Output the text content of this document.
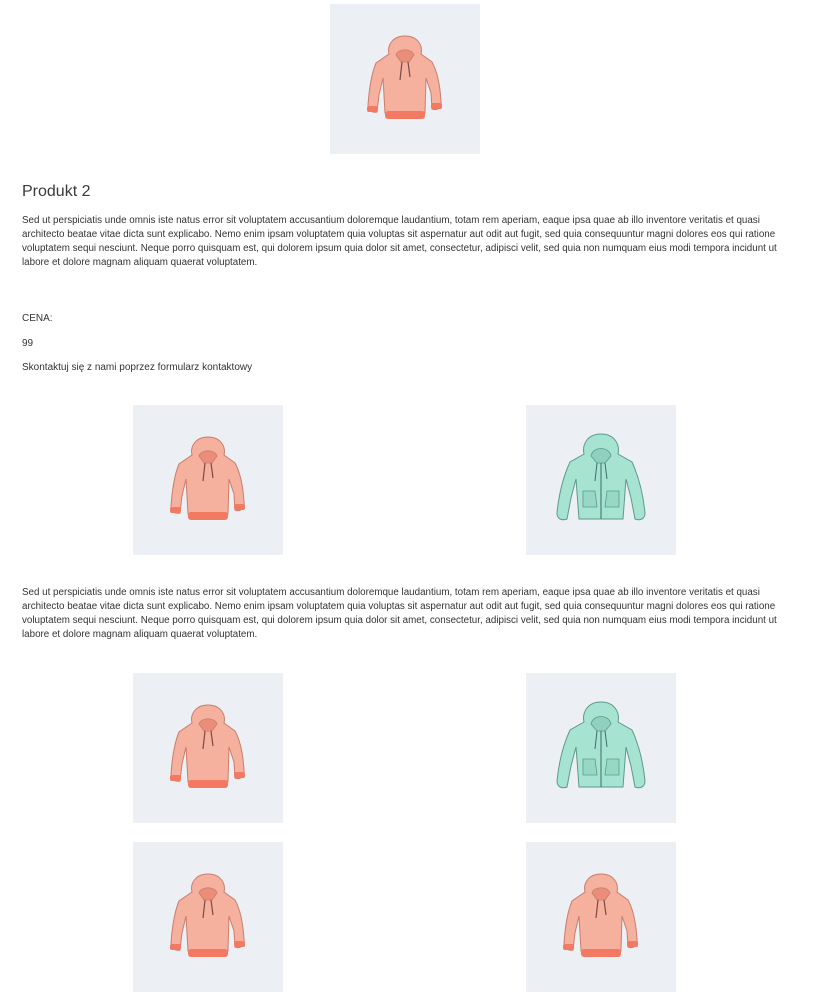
Produkt 2

Sed ut perspiciatis unde omnis iste natus error sit voluptatem accusantium doloremque laudantium, totam rem aperiam, eaque ipsa quae ab illo inventore veritatis et quasi architecto beatae vitae dicta sunt explicabo. Nemo enim ipsam voluptatem quia voluptas sit aspernatur aut odit aut fugit, sed quia consequuntur magni dolores eos qui ratione voluptatem sequi nesciunt. Neque porro quisquam est, qui dolorem ipsum quia dolor sit amet, consectetur, adipisci velit, sed quia non numquam eius modi tempora incidunt ut labore et dolore magnam aliquam quaerat voluptatem.

CENA:

99

Skontaktuj się z nami poprzez formularz kontaktowy

Sed ut perspiciatis unde omnis iste natus error sit voluptatem accusantium doloremque laudantium, totam rem aperiam, eaque ipsa quae ab illo inventore veritatis et quasi architecto beatae vitae dicta sunt explicabo. Nemo enim ipsam voluptatem quia voluptas sit aspernatur aut odit aut fugit, sed quia consequuntur magni dolores eos qui ratione voluptatem sequi nesciunt. Neque porro quisquam est, qui dolorem ipsum quia dolor sit amet, consectetur, adipisci velit, sed quia non numquam eius modi tempora incidunt ut labore et dolore magnam aliquam quaerat voluptatem.
